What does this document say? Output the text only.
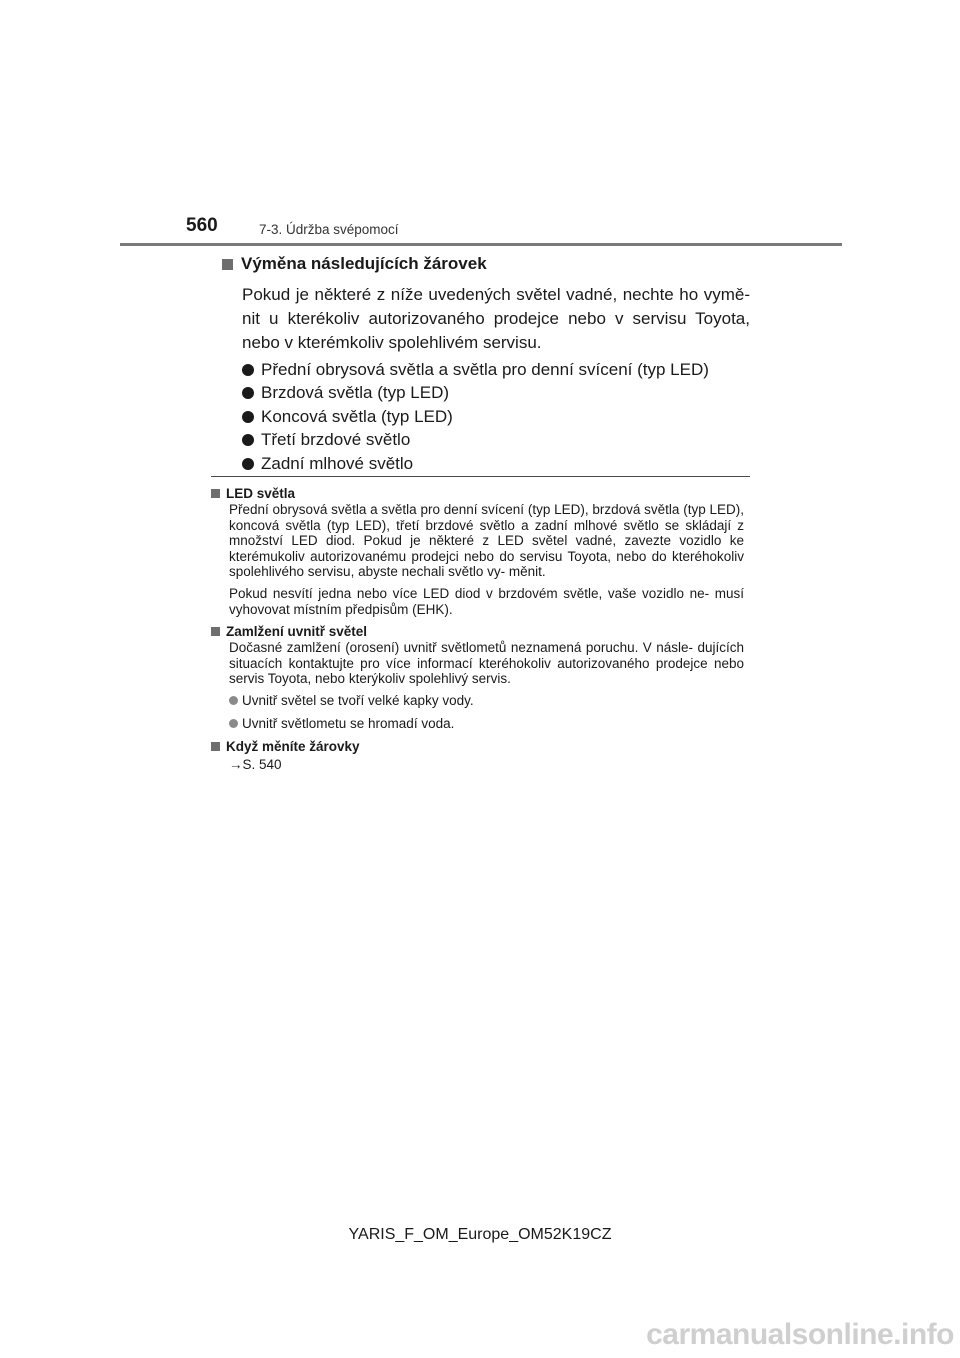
560	7-3. Údržba svépomocí
Výměna následujících žárovek

Pokud je některé z níže uvedených světel vadné, nechte ho vymě- nit u kterékoliv autorizovaného prodejce nebo v servisu Toyota, nebo v kterémkoliv spolehlivém servisu.

Přední obrysová světla a světla pro denní svícení (typ LED)
Brzdová světla (typ LED)
Koncová světla (typ LED)
Třetí brzdové světlo
Zadní mlhové světlo
LED světla

Přední obrysová světla a světla pro denní svícení (typ LED), brzdová světla (typ LED), koncová světla (typ LED), třetí brzdové světlo a zadní mlhové světlo se skládají z množství LED diod. Pokud je některé z LED světel vadné, zavezte vozidlo ke kterémukoliv autorizovanému prodejci nebo do servisu Toyota, nebo do kteréhokoliv spolehlivého servisu, abyste nechali světlo vy- měnit.

Pokud nesvítí jedna nebo více LED diod v brzdovém světle, vaše vozidlo ne- musí vyhovovat místním předpisům (EHK).

Zamlžení uvnitř světel

Dočasné zamlžení (orosení) uvnitř světlometů neznamená poruchu. V násle- dujících situacích kontaktujte pro více informací kteréhokoliv autorizovaného prodejce nebo servis Toyota, nebo kterýkoliv spolehlivý servis.

Uvnitř světel se tvoří velké kapky vody.
Uvnitř světlometu se hromadí voda.
Když měníte žárovky
→S. 540
YARIS_F_OM_Europe_OM52K19CZ
carmanualsonline.info
